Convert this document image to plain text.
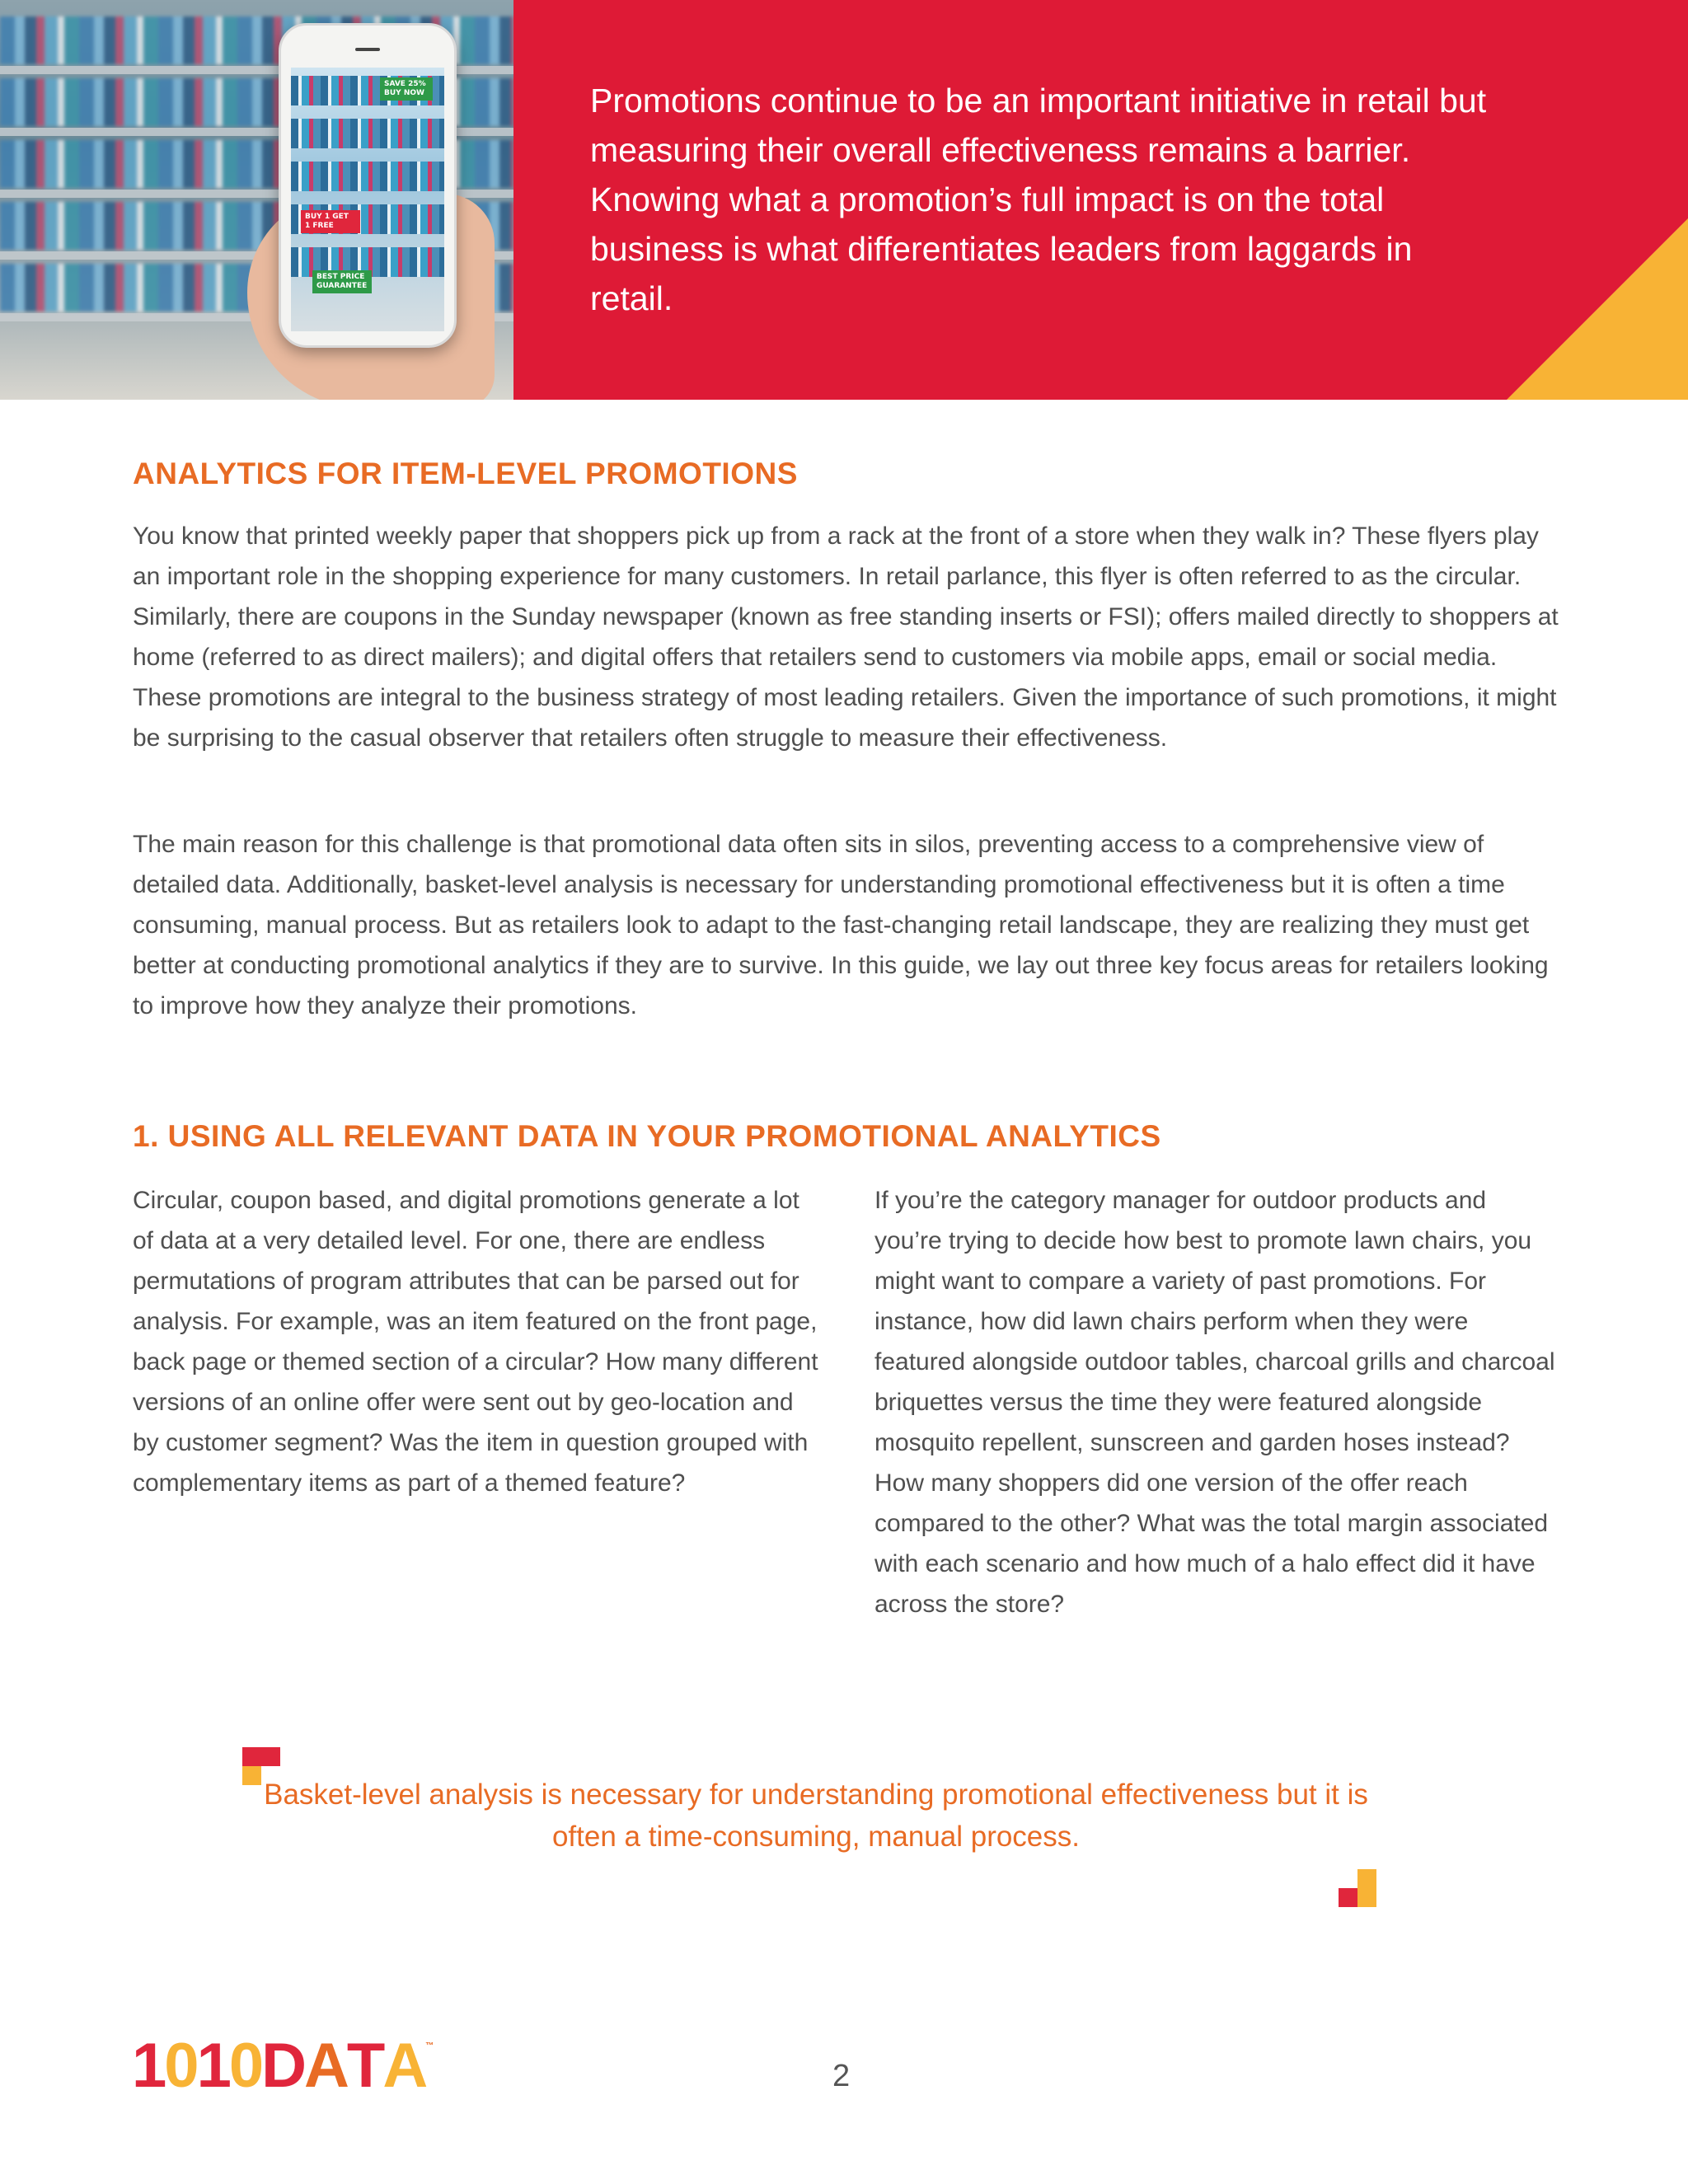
SAVE 25% BUY NOW
BUY 1 GET 1 FREE
BEST PRICE GUARANTEE

Promotions continue to be an important initiative in retail but measuring their overall effectiveness remains a barrier. Knowing what a promotion’s full impact is on the total business is what differentiates leaders from laggards in retail.

ANALYTICS FOR ITEM-LEVEL PROMOTIONS

You know that printed weekly paper that shoppers pick up from a rack at the front of a store when they walk in? These flyers play an important role in the shopping experience for many customers. In retail parlance, this flyer is often referred to as the circular. Similarly, there are coupons in the Sunday newspaper (known as free standing inserts or FSI); offers mailed directly to shoppers at home (referred to as direct mailers); and digital offers that retailers send to customers via mobile apps, email or social media. These promotions are integral to the business strategy of most leading retailers. Given the importance of such promotions, it might be surprising to the casual observer that retailers often struggle to measure their effectiveness.

The main reason for this challenge is that promotional data often sits in silos, preventing access to a comprehensive view of detailed data. Additionally, basket-level analysis is necessary for understanding promotional effectiveness but it is often a time consuming, manual process. But as retailers look to adapt to the fast-changing retail landscape, they are realizing they must get better at conducting promotional analytics if they are to survive. In this guide, we lay out three key focus areas for retailers looking to improve how they analyze their promotions.

1. USING ALL RELEVANT DATA IN YOUR PROMOTIONAL ANALYTICS

Circular, coupon based, and digital promotions generate a lot of data at a very detailed level. For one, there are endless permutations of program attributes that can be parsed out for analysis. For example, was an item featured on the front page, back page or themed section of a circular? How many different versions of an online offer were sent out by geo-location and by customer segment? Was the item in question grouped with complementary items as part of a themed feature?

If you’re the category manager for outdoor products and you’re trying to decide how best to promote lawn chairs, you might want to compare a variety of past promotions. For instance, how did lawn chairs perform when they were featured alongside outdoor tables, charcoal grills and charcoal briquettes versus the time they were featured alongside mosquito repellent, sunscreen and garden hoses instead? How many shoppers did one version of the offer reach compared to the other? What was the total margin associated with each scenario and how much of a halo effect did it have across the store?

Basket-level analysis is necessary for understanding promotional effectiveness but it is often a time-consuming, manual process.

1 0 1 0 D A T A ™
2
